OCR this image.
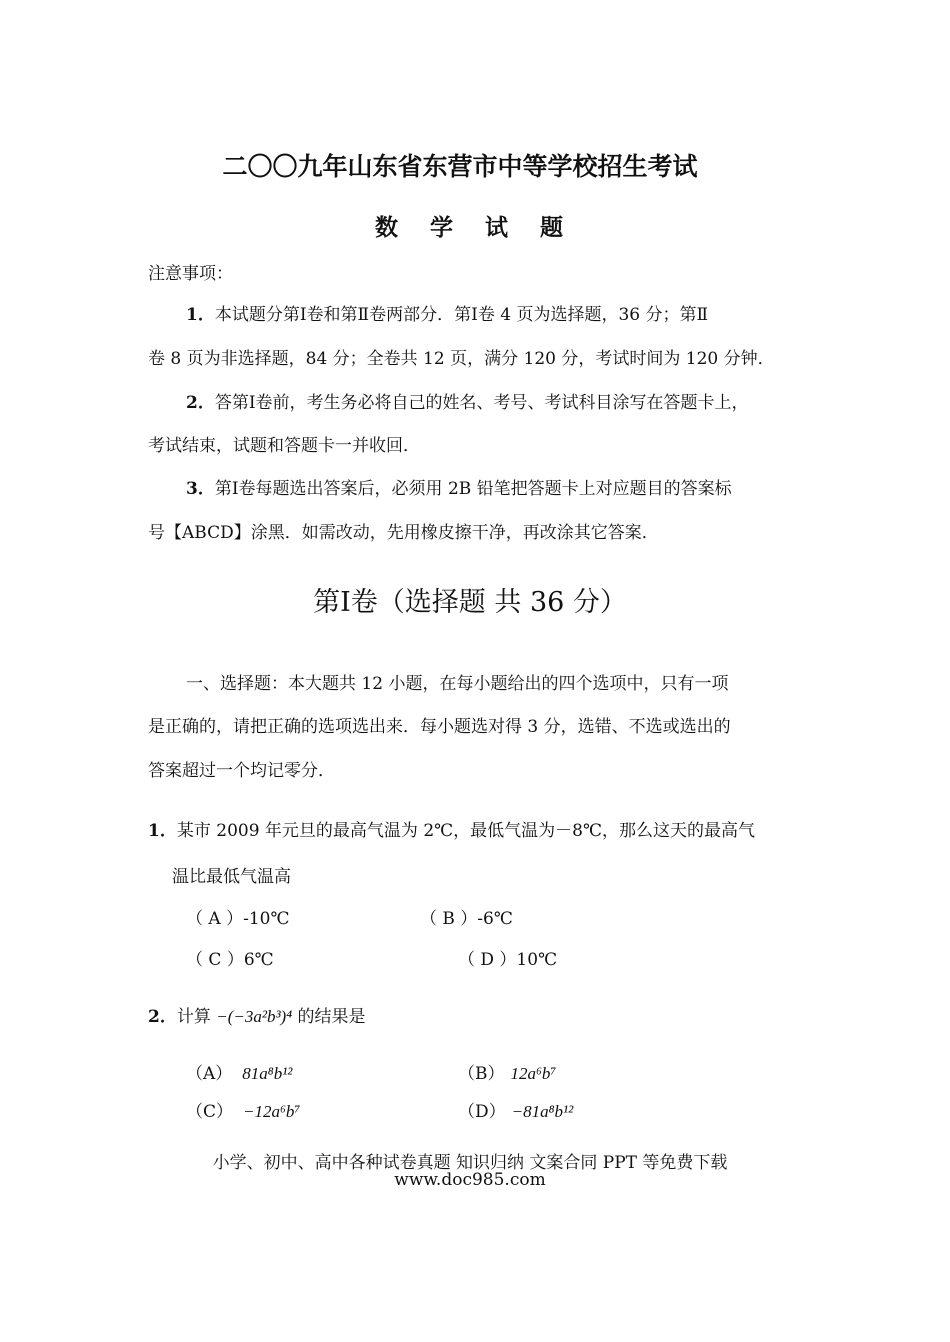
二〇〇九年山东省东营市中等学校招生考试
数 学 试 题
注意事项：
1．本试题分第Ⅰ卷和第Ⅱ卷两部分．第Ⅰ卷 4 页为选择题，36 分；第Ⅱ
卷 8 页为非选择题，84 分；全卷共 12 页，满分 120 分，考试时间为 120 分钟．
2．答第Ⅰ卷前，考生务必将自己的姓名、考号、考试科目涂写在答题卡上，
考试结束，试题和答题卡一并收回．
3．第Ⅰ卷每题选出答案后，必须用 2B 铅笔把答题卡上对应题目的答案标
号【ABCD】涂黑．如需改动，先用橡皮擦干净，再改涂其它答案．
第Ⅰ卷（选择题 共 36 分）
一、选择题：本大题共 12 小题，在每小题给出的四个选项中，只有一项
是正确的，请把正确的选项选出来．每小题选对得 3 分，选错、不选或选出的
答案超过一个均记零分．
1．某市 2009 年元旦的最高气温为 2℃，最低气温为－8℃，那么这天的最高气
温比最低气温高
（ A ）-10℃	（ B ）-6℃
（ C ）6℃	（ D ）10℃
2．计算 −(−3a²b³)⁴ 的结果是
（A） 81a⁸b¹²	（B） 12a⁶b⁷
（C） −12a⁶b⁷	（D） −81a⁸b¹²
小学、初中、高中各种试卷真题 知识归纳 文案合同 PPT 等免费下载
www.doc985.com
